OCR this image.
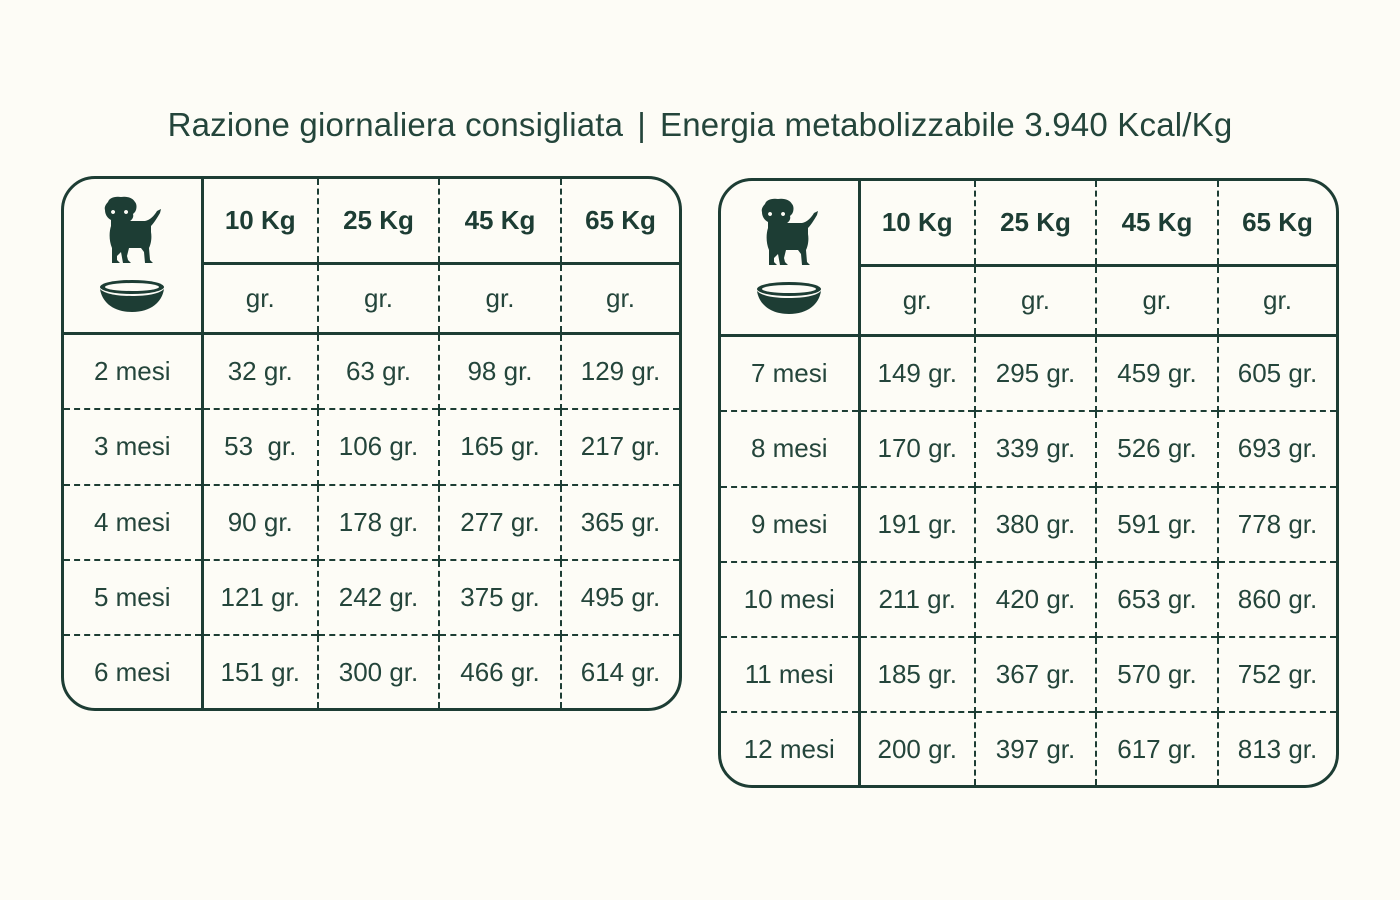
Razione giornaliera consigliata | Energia metabolizzabile 3.940 Kcal/Kg
	10 Kg	25 Kg	45 Kg	65 Kg
	gr.	gr.	gr.	gr.
2 mesi	32 gr.	63 gr.	98 gr.	129 gr.
3 mesi	53  gr.	106 gr.	165 gr.	217 gr.
4 mesi	90 gr.	178 gr.	277 gr.	365 gr.
5 mesi	121 gr.	242 gr.	375 gr.	495 gr.
6 mesi	151 gr.	300 gr.	466 gr.	614 gr.
	10 Kg	25 Kg	45 Kg	65 Kg
	gr.	gr.	gr.	gr.
7 mesi	149 gr.	295 gr.	459 gr.	605 gr.
8 mesi	170 gr.	339 gr.	526 gr.	693 gr.
9 mesi	191 gr.	380 gr.	591 gr.	778 gr.
10 mesi	211 gr.	420 gr.	653 gr.	860 gr.
11 mesi	185 gr.	367 gr.	570 gr.	752 gr.
12 mesi	200 gr.	397 gr.	617 gr.	813 gr.
